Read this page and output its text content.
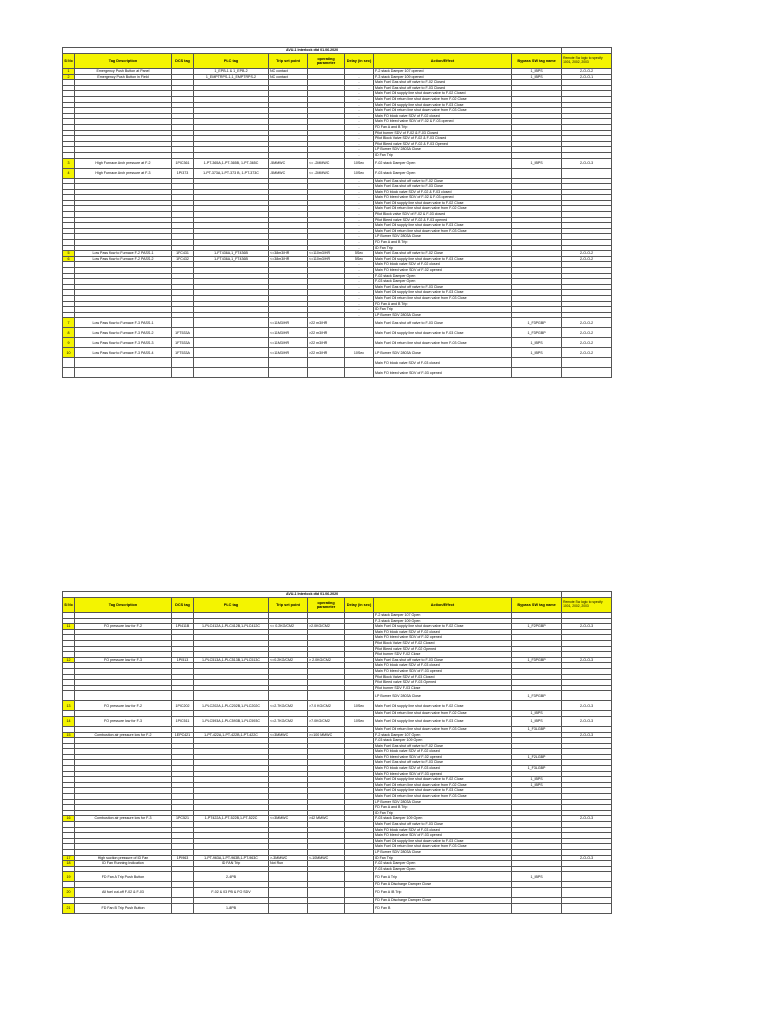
AVU-1 Interlock dtd 01.06.2020									
Sl No	Tag Description	DCS tag	PLC tag	Trip set point	operating parameter	Delay (in sec)	Action/Effect	Bypass SW tag name	Remote Sw logic to specify 1001, 2002, 2003
1	Emergency Push Button at Panel		1_EPB-1 & 1_EPB-2	NC contact			F-2 stack Damper 107 opened	1_IBPS	2-O-O-2
2	Emergency Push Button in Field		1_EMPTRPS-1,1_EMPTRPS-2	NC contact		-	F-3 stack Damper 109 opened	1_IBPS	2-O-O-1
						-	Main Fuel Gas shut off valve to F-02 Closed		
						-	Main Fuel Gas shut off valve to F-03 Closed		
						-	Main Fuel Oil supply line shut down valve to F-02 Closed		
						-	Main Fuel Oil return line shut down valve from F-02 Close		
						-	Main Fuel Oil supply line shut down valve to F-03 Close		
						-	Main Fuel Oil return line shut down valve from F-03 Close		
						-	Main FO block valve SDV of F-02 closed		
						-	Main FO bleed valve SDV of F-02 & F-03 opened		
						-	FD Fan A and B Trip		
						-	Pilot burner SDV of F-02 & F-03 Closed		
						-	Pilot Block Valve SDV of F-02 & F-03 Closed		
						-	Pilot Bleed valve SDV of F-02 & F-03 Opened		
						-	LP Burner SDV 2803A Close		
						-	ID Fan Trip		
3	High Furnace Arch pressure at F-2	1PIC361	1-PT-365A,1-PT-365B, 1-PT-365C	-5MMWC	<= -2MMWC	10Sec	F-02 stack Damper Open	1_IBPS	2-O-O-3
4	High Furnace Arch pressure at F-3	1PI373	1-PT-373A,1-PT-373 B, 1-PT-373C	-5MMWC	<= -2MMWC	10Sec	F-03 stack Damper Open		
						-	Main Fuel Gas shut off valve to F-02 Close		
						-	Main Fuel Gas shut off valve to F-03 Close		
						-	Main FO block valve SDV of F-02 & F-03 closed		
						-	Main FO bleed valve SDV of F-02 & F-03 opened		
						-	Main Fuel Oil supply line shut down valve to F-02 Close		
						-	Main Fuel Oil return line shut down valve from F-02 Close		
						-	Pilot Block valve SDV of F-02 & F-03 closed		
						-	Pilot Bleed valve SDV of F-02 & F-03 opened		
						-	Main Fuel Oil supply line shut down valve to F-03 Close		
						-	Main Fuel Oil return line shut down valve from F-03 Close		
						-	LP Burner SDV 2803A Close		
						-	FD Fan A and B Trip		
						-	ID Fan Trip		
5	Low Pass flow to Furnace F-2 PASS-1	1FC431	1-FT436A,1_FT436B	<=38m3/HR	<=110m3/HR	5Sec	Main Fuel Gas shut off valve to F-02 Close		2-O-O-2
6	Low Pass flow to Furnace F-2 PASS-2	1FC432	1-FT436A,1_FT436B	<=38m3/HR	<=110m3/HR	5Sec	Main Fuel Oil supply line shut down valve to F-03 Close		2-O-O-2
						-	Main FO block valve SDV of F-02 closed		
						-	Main FO bleed valve SDV of F-02 opened		
						-	F-02 stack Damper Open		
						-	F-03 stack Damper Open		
						-	Main Fuel Gas shut off valve to F-03 Close		
						-	Main Fuel Oil supply line shut down valve to F-03 Close		
						-	Main Fuel Oil return line shut down valve from F-03 Close		
						-	FD Fan A and B Trip		
						-	ID Fan Trip		
						-	LP Burner SDV 2803A Close		
7	Low Pass flow to Furnace F-3 PASS-1			<=11M3/HR	>22 m3/HR		Main Fuel Gas shut off valve to F-03 Close	1_F3PGBP	2-O-O-2
8	Low Pass flow to Furnace F-3 PASS-2	1FT533A		<=11M3/HR	>22 m3/HR		Main Fuel Oil supply line shut down valve to F-03 Close	1_F3PGBP	2-O-O-2
9	Low Pass flow to Furnace F-3 PASS-3	1FT533A		<=11M3/HR	>22 m3/HR		Main Fuel Oil return line shut down valve from F-03 Close	1_IBPS	2-O-O-2
10	Low Pass flow to Furnace F-3 PASS-4	1FT533A		<=11M3/HR	>22 m3/HR	10Sec	LP Burner SDV 2803A Close	1_IBPS	2-O-O-2
							Main FO block valve SDV of F-03 closed		
							Main FO bleed valve SDV of F-03 opened		
AVU-1 Interlock dtd 01.06.2020									
Sl No	Tag Description	DCS tag	PLC tag	Trip set point	operating parameter	Delay (in sec)	Action/Effect	Bypass SW tag name	Remote Sw logic to specify 1001, 2002, 2003
							F-2 stack Damper 107 Open		
							F-3 stack Damper 109 Open		
11	FO pressure low for F-2	1PI411B	1-PLC412A,1-PLC412B,1-PLC412C	<= 0.2KG/CM2	>2.0KG/CM2		Main Fuel Oil supply line shut down valve to F-02 Close	1_F2PGBP	2-O-O-3
							Main FO block valve SDV of F-02 closed		
							Main FO bleed valve SDV of F-02 opened		
							Pilot Block Valve SDV of F-02 Closed		
							Pilot Bleed valve SDV of F-02 Opened		
							Pilot burner SDV F-02 Close		
12	FO pressure low for F-3	1PI513	1-PLC513A,1-PLC513B,1-PLC513C	<=0.2KG/CM2	> 2.0KG/CM2		Main Fuel Gas shut off valve to F-03 Close	1_F3PGBP	2-O-O-3
							Main FO block valve SDV of F-03 closed		
							Main FO bleed valve SDV of F-03 opened		
							Pilot Block Valve SDV of F-03 Closed		
							Pilot Bleed valve SDV of F-03 Opened		
							Pilot burner SDV F-03 Close		
							LP Burner SDV 2803A Close	1_F3PGBP	
13	FO pressure low for F-2	1PIC202	1-PLC202A,1-PLC202B,1-PLC202C	<=2.7KG/CM2	>7.0 KG/CM2	10Sec	Main Fuel Oil supply line shut down valve to F-02 Close		2-O-O-3
							Main Fuel Oil return line shut down valve from F-02 Close	1_IBPS	
14	FO pressure low for F-3	1PIC511	1-PLC593A,1-PLC593B,1-PLC593C	<=2.7KG/CM2	>7.0KG/CM2	10Sec	Main Fuel Oil supply line shut down valve to F-03 Close	1_IBPS	2-O-O-3
							Main Fuel Oil return line shut down valve from F-03 Close	1_F3LGBP	
15	Combustion air pressure low for F-2	1EPC421	1-PT-422A,1-PT-422B,1-PT-422C	<=3MMWC	>=100 MMWC		F-2 stack Damper 107 Open		2-O-O-3
							F-03 stack Damper 109 Open		
							Main Fuel Gas shut off valve to F-02 Close		
							Main FO block valve SDV of F-02 closed		
							Main FO bleed valve SDV of F-02 opened	1_F2LGBP	
							Main Fuel Gas shut off valve to F-03 Close		
							Main FO block valve SDV of F-03 closed	1_F3LGBP	
							Main FO bleed valve SDV of F-03 opened		
							Main Fuel Oil supply line shut down valve to F-02 Close	1_IBPS	
							Main Fuel Oil return line shut down valve from F-02 Close	1_IBPS	
							Main Fuel Oil supply line shut down valve to F-03 Close		
							Main Fuel Oil return line shut down valve from F-03 Close		
							LP Burner SDV 2803A Close		
							FD Fan A and B Trip		
							ID Fan Trip		
16	Combustion air pressure low for F-3	1PC521	1-PT422A,1-PT-522B,1-PT-522C	<=3MMWC	>42 MMWC		F-03 stack Damper 109 Open		2-O-O-3
							Main Fuel Gas shut off valve to F-03 Close		
							Main FO block valve SDV of F-03 closed		
							Main FO bleed valve SDV of F-03 opened		
							Main Fuel Oil supply line shut down valve to F-03 Close		
							Main Fuel Oil return line shut down valve from F-03 Close		
							LP Burner SDV 2803A Close		
17	High suction pressure of ID Fan	1PI963	1-PT-963A,1-PT-963B,1-PT-963C	>-3MMWC	<-10MMWC		ID Fan Trip		2-O-O-3
18	ID Fan Running Indication		ID FAN Trip	Not Run			F-02 stack Damper Open		
							F-03 stack Damper Open		
19	FD Fan A Trip Push Button		2-4PB				FD Fan A Trip	1_IBPS	
							FD Fan A Discharge Damper Close		
20	All fuel cut-off F-02 & F-03		F-02 & 03 PB & FO SDV				FD Fan A /B Trip		
							FD Fan A Discharge Damper Close		
21	FD Fan B Trip Push Button		1-8PB				FD Fan B		
